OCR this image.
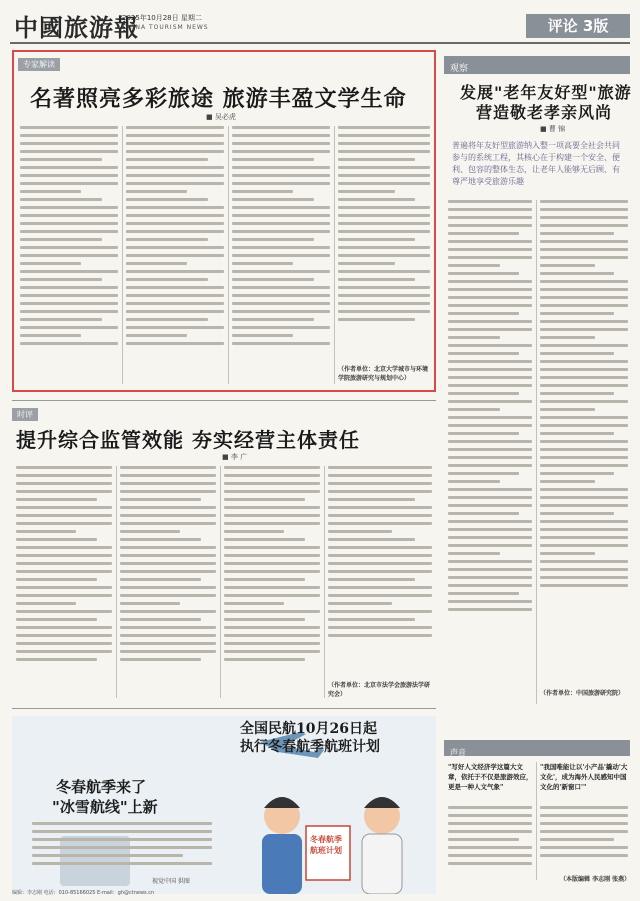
中國旅游報
2025年10月28日 星期二
CHINA TOURISM NEWS	评论 3版
专家解读
名著照亮多彩旅途 旅游丰盈文学生命
■ 吴必虎
（作者单位：北京大学城市与环境学院旅游研究与规划中心）
观察
发展"老年友好型"旅游
营造敬老孝亲风尚
■ 曹 锦
普遍将年友好型旅游纳入整一项高要全社会共同参与的系统工程，其核心在于构建一个安全、便利、包容的整体生态，让老年人能够无后顾、有尊严地享受旅游乐趣
（作者单位：中国旅游研究院）
时评
提升综合监管效能 夯实经营主体责任
■ 李 广
（作者单位：北京市法学会旅游法学研究会）
全国民航10月26日起
执行冬春航季航班计划
冬春航季来了
"冰雪航线"上新
冬春航季航班计划
视觉中国 供图
声音
"写好人文经济学这篇大文章，依托于不仅是旅游效应，更是一种人文气象"
"我国唯能让以'小产品'撬动'大文化'，成为海外人民感知中国文化的'新窗口'"
（本版编辑 李志刚 张燕）
编辑：李志刚 电话：010-85166025 E-mail：gh@ctnews.cn
